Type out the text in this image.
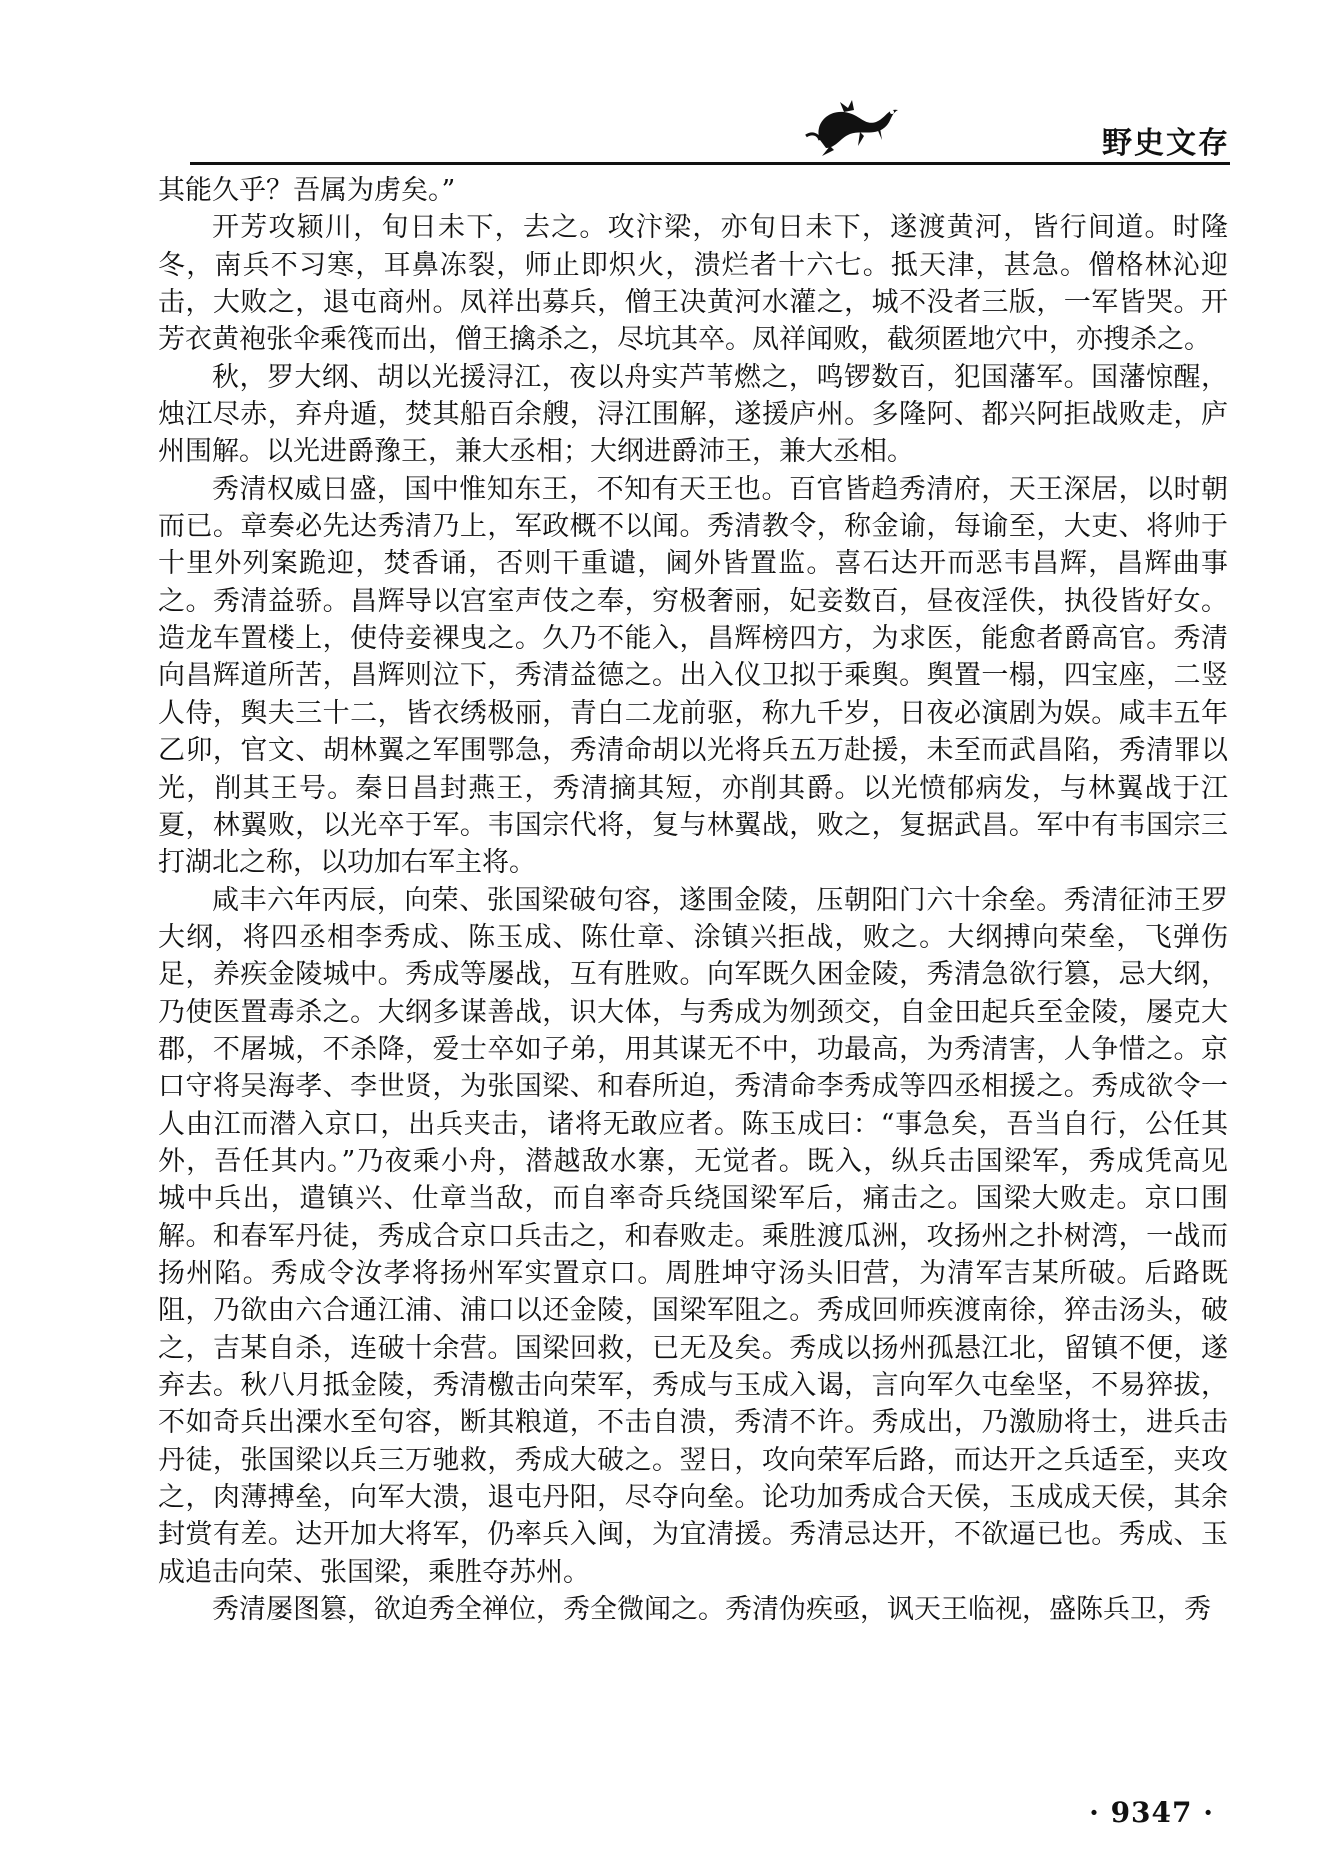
野史文存
其能久乎？吾属为虏矣。”
开芳攻颍川，旬日未下，去之。攻汴梁，亦旬日未下，遂渡黄河，皆行间道。时隆
冬，南兵不习寒，耳鼻冻裂，师止即炽火，溃烂者十六七。抵天津，甚急。僧格林沁迎
击，大败之，退屯商州。凤祥出募兵，僧王决黄河水灌之，城不没者三版，一军皆哭。开
芳衣黄袍张伞乘筏而出，僧王擒杀之，尽坑其卒。凤祥闻败，截须匿地穴中，亦搜杀之。
秋，罗大纲、胡以光援浔江，夜以舟实芦苇燃之，鸣锣数百，犯国藩军。国藩惊醒，
烛江尽赤，弃舟遁，焚其船百余艘，浔江围解，遂援庐州。多隆阿、都兴阿拒战败走，庐
州围解。以光进爵豫王，兼大丞相；大纲进爵沛王，兼大丞相。
秀清权威日盛，国中惟知东王，不知有天王也。百官皆趋秀清府，天王深居，以时朝
而已。章奏必先达秀清乃上，军政概不以闻。秀清教令，称金谕，每谕至，大吏、将帅于
十里外列案跪迎，焚香诵，否则干重谴，阃外皆置监。喜石达开而恶韦昌辉，昌辉曲事
之。秀清益骄。昌辉导以宫室声伎之奉，穷极奢丽，妃妾数百，昼夜淫佚，执役皆好女。
造龙车置楼上，使侍妾裸曳之。久乃不能入，昌辉榜四方，为求医，能愈者爵高官。秀清
向昌辉道所苦，昌辉则泣下，秀清益德之。出入仪卫拟于乘舆。舆置一榻，四宝座，二竖
人侍，舆夫三十二，皆衣绣极丽，青白二龙前驱，称九千岁，日夜必演剧为娱。咸丰五年
乙卯，官文、胡林翼之军围鄂急，秀清命胡以光将兵五万赴援，未至而武昌陷，秀清罪以
光，削其王号。秦日昌封燕王，秀清摘其短，亦削其爵。以光愤郁病发，与林翼战于江
夏，林翼败，以光卒于军。韦国宗代将，复与林翼战，败之，复据武昌。军中有韦国宗三
打湖北之称，以功加右军主将。
咸丰六年丙辰，向荣、张国梁破句容，遂围金陵，压朝阳门六十余垒。秀清征沛王罗
大纲，将四丞相李秀成、陈玉成、陈仕章、涂镇兴拒战，败之。大纲搏向荣垒，飞弹伤
足，养疾金陵城中。秀成等屡战，互有胜败。向军既久困金陵，秀清急欲行篡，忌大纲，
乃使医置毒杀之。大纲多谋善战，识大体，与秀成为刎颈交，自金田起兵至金陵，屡克大
郡，不屠城，不杀降，爱士卒如子弟，用其谋无不中，功最高，为秀清害，人争惜之。京
口守将吴海孝、李世贤，为张国梁、和春所迫，秀清命李秀成等四丞相援之。秀成欲令一
人由江而潜入京口，出兵夹击，诸将无敢应者。陈玉成曰：“事急矣，吾当自行，公任其
外，吾任其内。”乃夜乘小舟，潜越敌水寨，无觉者。既入，纵兵击国梁军，秀成凭高见
城中兵出，遣镇兴、仕章当敌，而自率奇兵绕国梁军后，痛击之。国梁大败走。京口围
解。和春军丹徒，秀成合京口兵击之，和春败走。乘胜渡瓜洲，攻扬州之扑树湾，一战而
扬州陷。秀成令汝孝将扬州军实置京口。周胜坤守汤头旧营，为清军吉某所破。后路既
阻，乃欲由六合通江浦、浦口以还金陵，国梁军阻之。秀成回师疾渡南徐，猝击汤头，破
之，吉某自杀，连破十余营。国梁回救，已无及矣。秀成以扬州孤悬江北，留镇不便，遂
弃去。秋八月抵金陵，秀清檄击向荣军，秀成与玉成入谒，言向军久屯垒坚，不易猝拔，
不如奇兵出溧水至句容，断其粮道，不击自溃，秀清不许。秀成出，乃激励将士，进兵击
丹徒，张国梁以兵三万驰救，秀成大破之。翌日，攻向荣军后路，而达开之兵适至，夹攻
之，肉薄搏垒，向军大溃，退屯丹阳，尽夺向垒。论功加秀成合天侯，玉成成天侯，其余
封赏有差。达开加大将军，仍率兵入闽，为宜清援。秀清忌达开，不欲逼已也。秀成、玉
成追击向荣、张国梁，乘胜夺苏州。
秀清屡图篡，欲迫秀全禅位，秀全微闻之。秀清伪疾亟，讽天王临视，盛陈兵卫，秀
· 9347 ·
